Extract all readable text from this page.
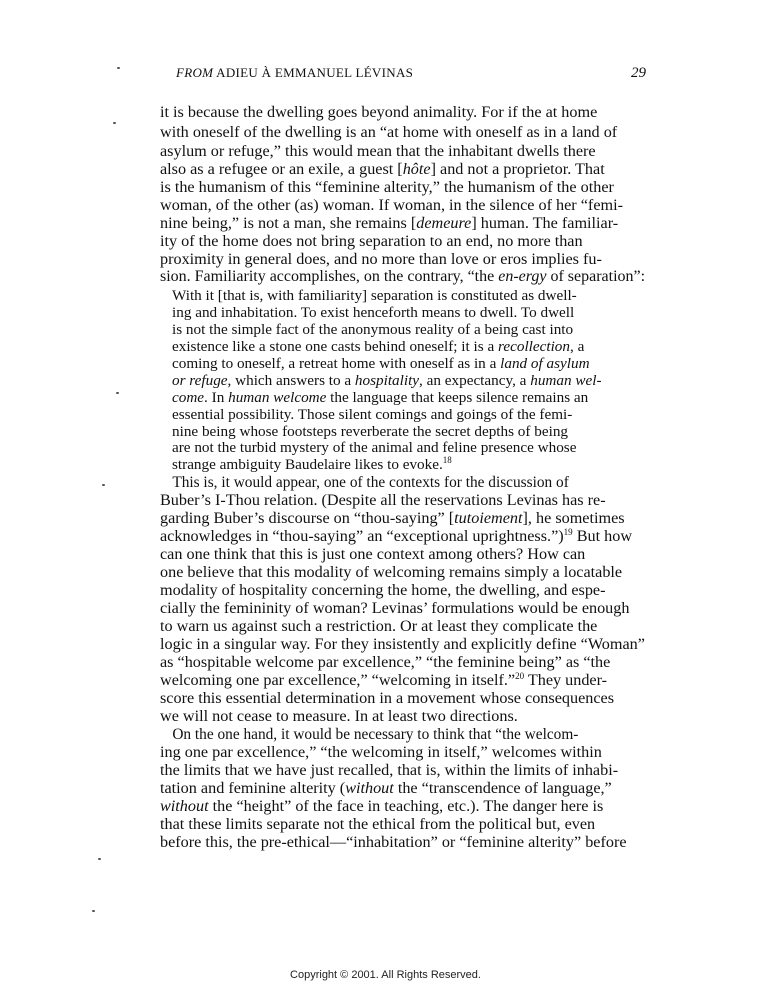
FROM ADIEU À EMMANUEL LÉVINAS	29
it is because the dwelling goes beyond animality. For if the at home
with oneself of the dwelling is an “at home with oneself as in a land of
asylum or refuge,” this would mean that the inhabitant dwells there
also as a refugee or an exile, a guest [hôte] and not a proprietor. That
is the humanism of this “feminine alterity,” the humanism of the other
woman, of the other (as) woman. If woman, in the silence of her “femi-
nine being,” is not a man, she remains [demeure] human. The familiar-
ity of the home does not bring separation to an end, no more than
proximity in general does, and no more than love or eros implies fu-
sion. Familiarity accomplishes, on the contrary, “the en-ergy of separation”:
With it [that is, with familiarity] separation is constituted as dwell-
ing and inhabitation. To exist henceforth means to dwell. To dwell
is not the simple fact of the anonymous reality of a being cast into
existence like a stone one casts behind oneself; it is a recollection, a
coming to oneself, a retreat home with oneself as in a land of asylum
or refuge, which answers to a hospitality, an expectancy, a human wel-
come. In human welcome the language that keeps silence remains an
essential possibility. Those silent comings and goings of the femi-
nine being whose footsteps reverberate the secret depths of being
are not the turbid mystery of the animal and feline presence whose
strange ambiguity Baudelaire likes to evoke.$^{18}$
This is, it would appear, one of the contexts for the discussion of
Buber’s I-Thou relation. (Despite all the reservations Levinas has re-
garding Buber’s discourse on “thou-saying” [tutoiement], he sometimes
acknowledges in “thou-saying” an “exceptional uprightness.”)$^{19}$ But how
can one think that this is just one context among others? How can
one believe that this modality of welcoming remains simply a locatable
modality of hospitality concerning the home, the dwelling, and espe-
cially the femininity of woman? Levinas’ formulations would be enough
to warn us against such a restriction. Or at least they complicate the
logic in a singular way. For they insistently and explicitly define “Woman”
as “hospitable welcome par excellence,” “the feminine being” as “the
welcoming one par excellence,” “welcoming in itself.”$^{20}$ They under-
score this essential determination in a movement whose consequences
we will not cease to measure. In at least two directions.
On the one hand, it would be necessary to think that “the welcom-
ing one par excellence,” “the welcoming in itself,” welcomes within
the limits that we have just recalled, that is, within the limits of inhabi-
tation and feminine alterity (without the “transcendence of language,”
without the “height” of the face in teaching, etc.). The danger here is
that these limits separate not the ethical from the political but, even
before this, the pre-ethical—“inhabitation” or “feminine alterity” before
Copyright © 2001. All Rights Reserved.
